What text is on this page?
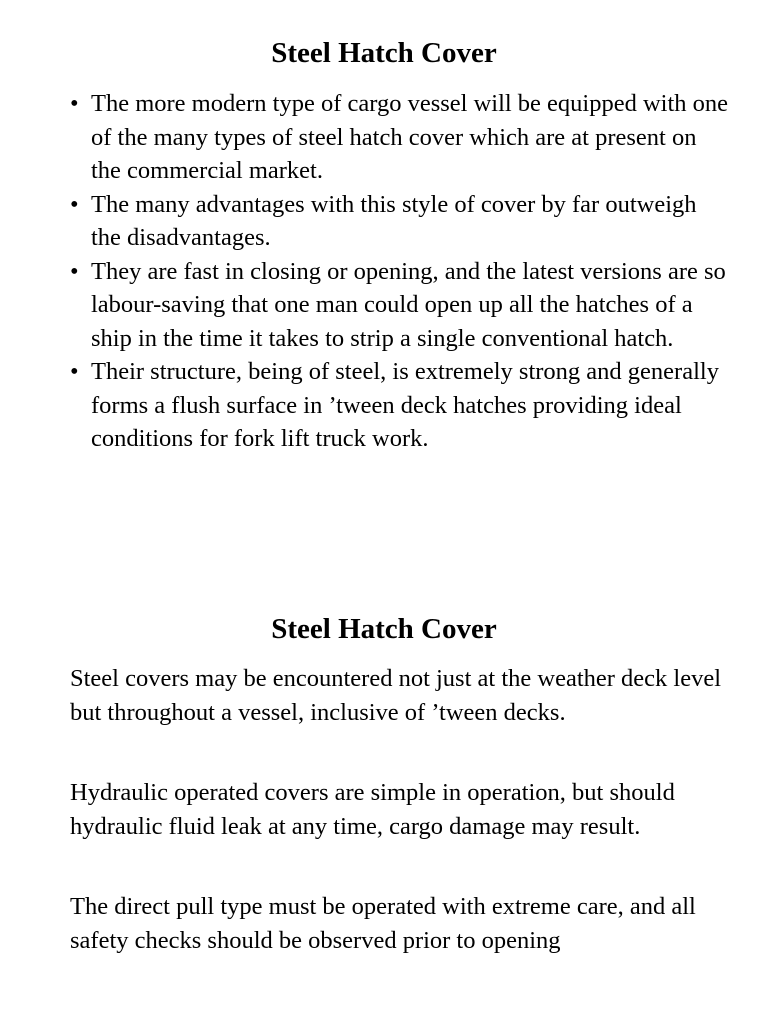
Steel Hatch Cover
• The more modern type of cargo vessel will be equipped with one of the many types of steel hatch cover which are at present on the commercial market.
• The many advantages with this style of cover by far outweigh the disadvantages.
• They are fast in closing or opening, and the latest versions are so labour-saving that one man could open up all the hatches of a ship in the time it takes to strip a single conventional hatch.
• Their structure, being of steel, is extremely strong and generally forms a flush surface in ’tween deck hatches providing ideal conditions for fork lift truck work.
Steel Hatch Cover

Steel covers may be encountered not just at the weather deck level but throughout a vessel, inclusive of ’tween decks.

Hydraulic operated covers are simple in operation, but should hydraulic fluid leak at any time, cargo damage may result.

The direct pull type must be operated with extreme care, and all safety checks should be observed prior to opening
